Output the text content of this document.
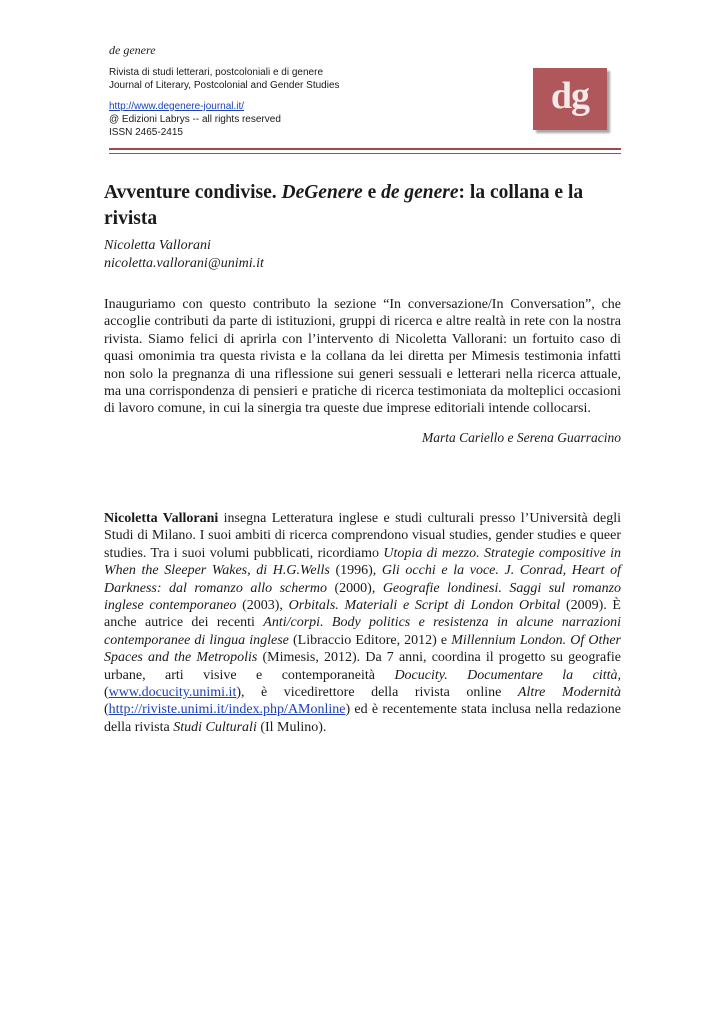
de genere
Rivista di studi letterari, postcoloniali e di genere
Journal of Literary, Postcolonial and Gender Studies
http://www.degenere-journal.it/
@ Edizioni Labrys -- all rights reserved
ISSN 2465-2415
dg
Avventure condivise. DeGenere e de genere: la collana e la rivista
Nicoletta Vallorani
nicoletta.vallorani@unimi.it
Inauguriamo con questo contributo la sezione “In conversazione/In Conversation”, che accoglie contributi da parte di istituzioni, gruppi di ricerca e altre realtà in rete con la nostra rivista. Siamo felici di aprirla con l’intervento di Nicoletta Vallorani: un fortuito caso di quasi omonimia tra questa rivista e la collana da lei diretta per Mimesis testimonia infatti non solo la pregnanza di una riflessione sui generi sessuali e letterari nella ricerca attuale, ma una corrispondenza di pensieri e pratiche di ricerca testimoniata da molteplici occasioni di lavoro comune, in cui la sinergia tra queste due imprese editoriali intende collocarsi.
Marta Cariello e Serena Guarracino
Nicoletta Vallorani insegna Letteratura inglese e studi culturali presso l’Università degli Studi di Milano. I suoi ambiti di ricerca comprendono visual studies, gender studies e queer studies. Tra i suoi volumi pubblicati, ricordiamo Utopia di mezzo. Strategie compositive in When the Sleeper Wakes, di H.G.Wells (1996), Gli occhi e la voce. J. Conrad, Heart of Darkness: dal romanzo allo schermo (2000), Geografie londinesi. Saggi sul romanzo inglese contemporaneo (2003), Orbitals. Materiali e Script di London Orbital (2009). È anche autrice dei recenti Anti/corpi. Body politics e resistenza in alcune narrazioni contemporanee di lingua inglese (Libraccio Editore, 2012) e Millennium London. Of Other Spaces and the Metropolis (Mimesis, 2012). Da 7 anni, coordina il progetto su geografie urbane, arti visive e contemporaneità Docucity. Documentare la città, (www.docucity.unimi.it), è vicedirettore della rivista online Altre Modernità (http://riviste.unimi.it/index.php/AMonline) ed è recentemente stata inclusa nella redazione della rivista Studi Culturali (Il Mulino).
